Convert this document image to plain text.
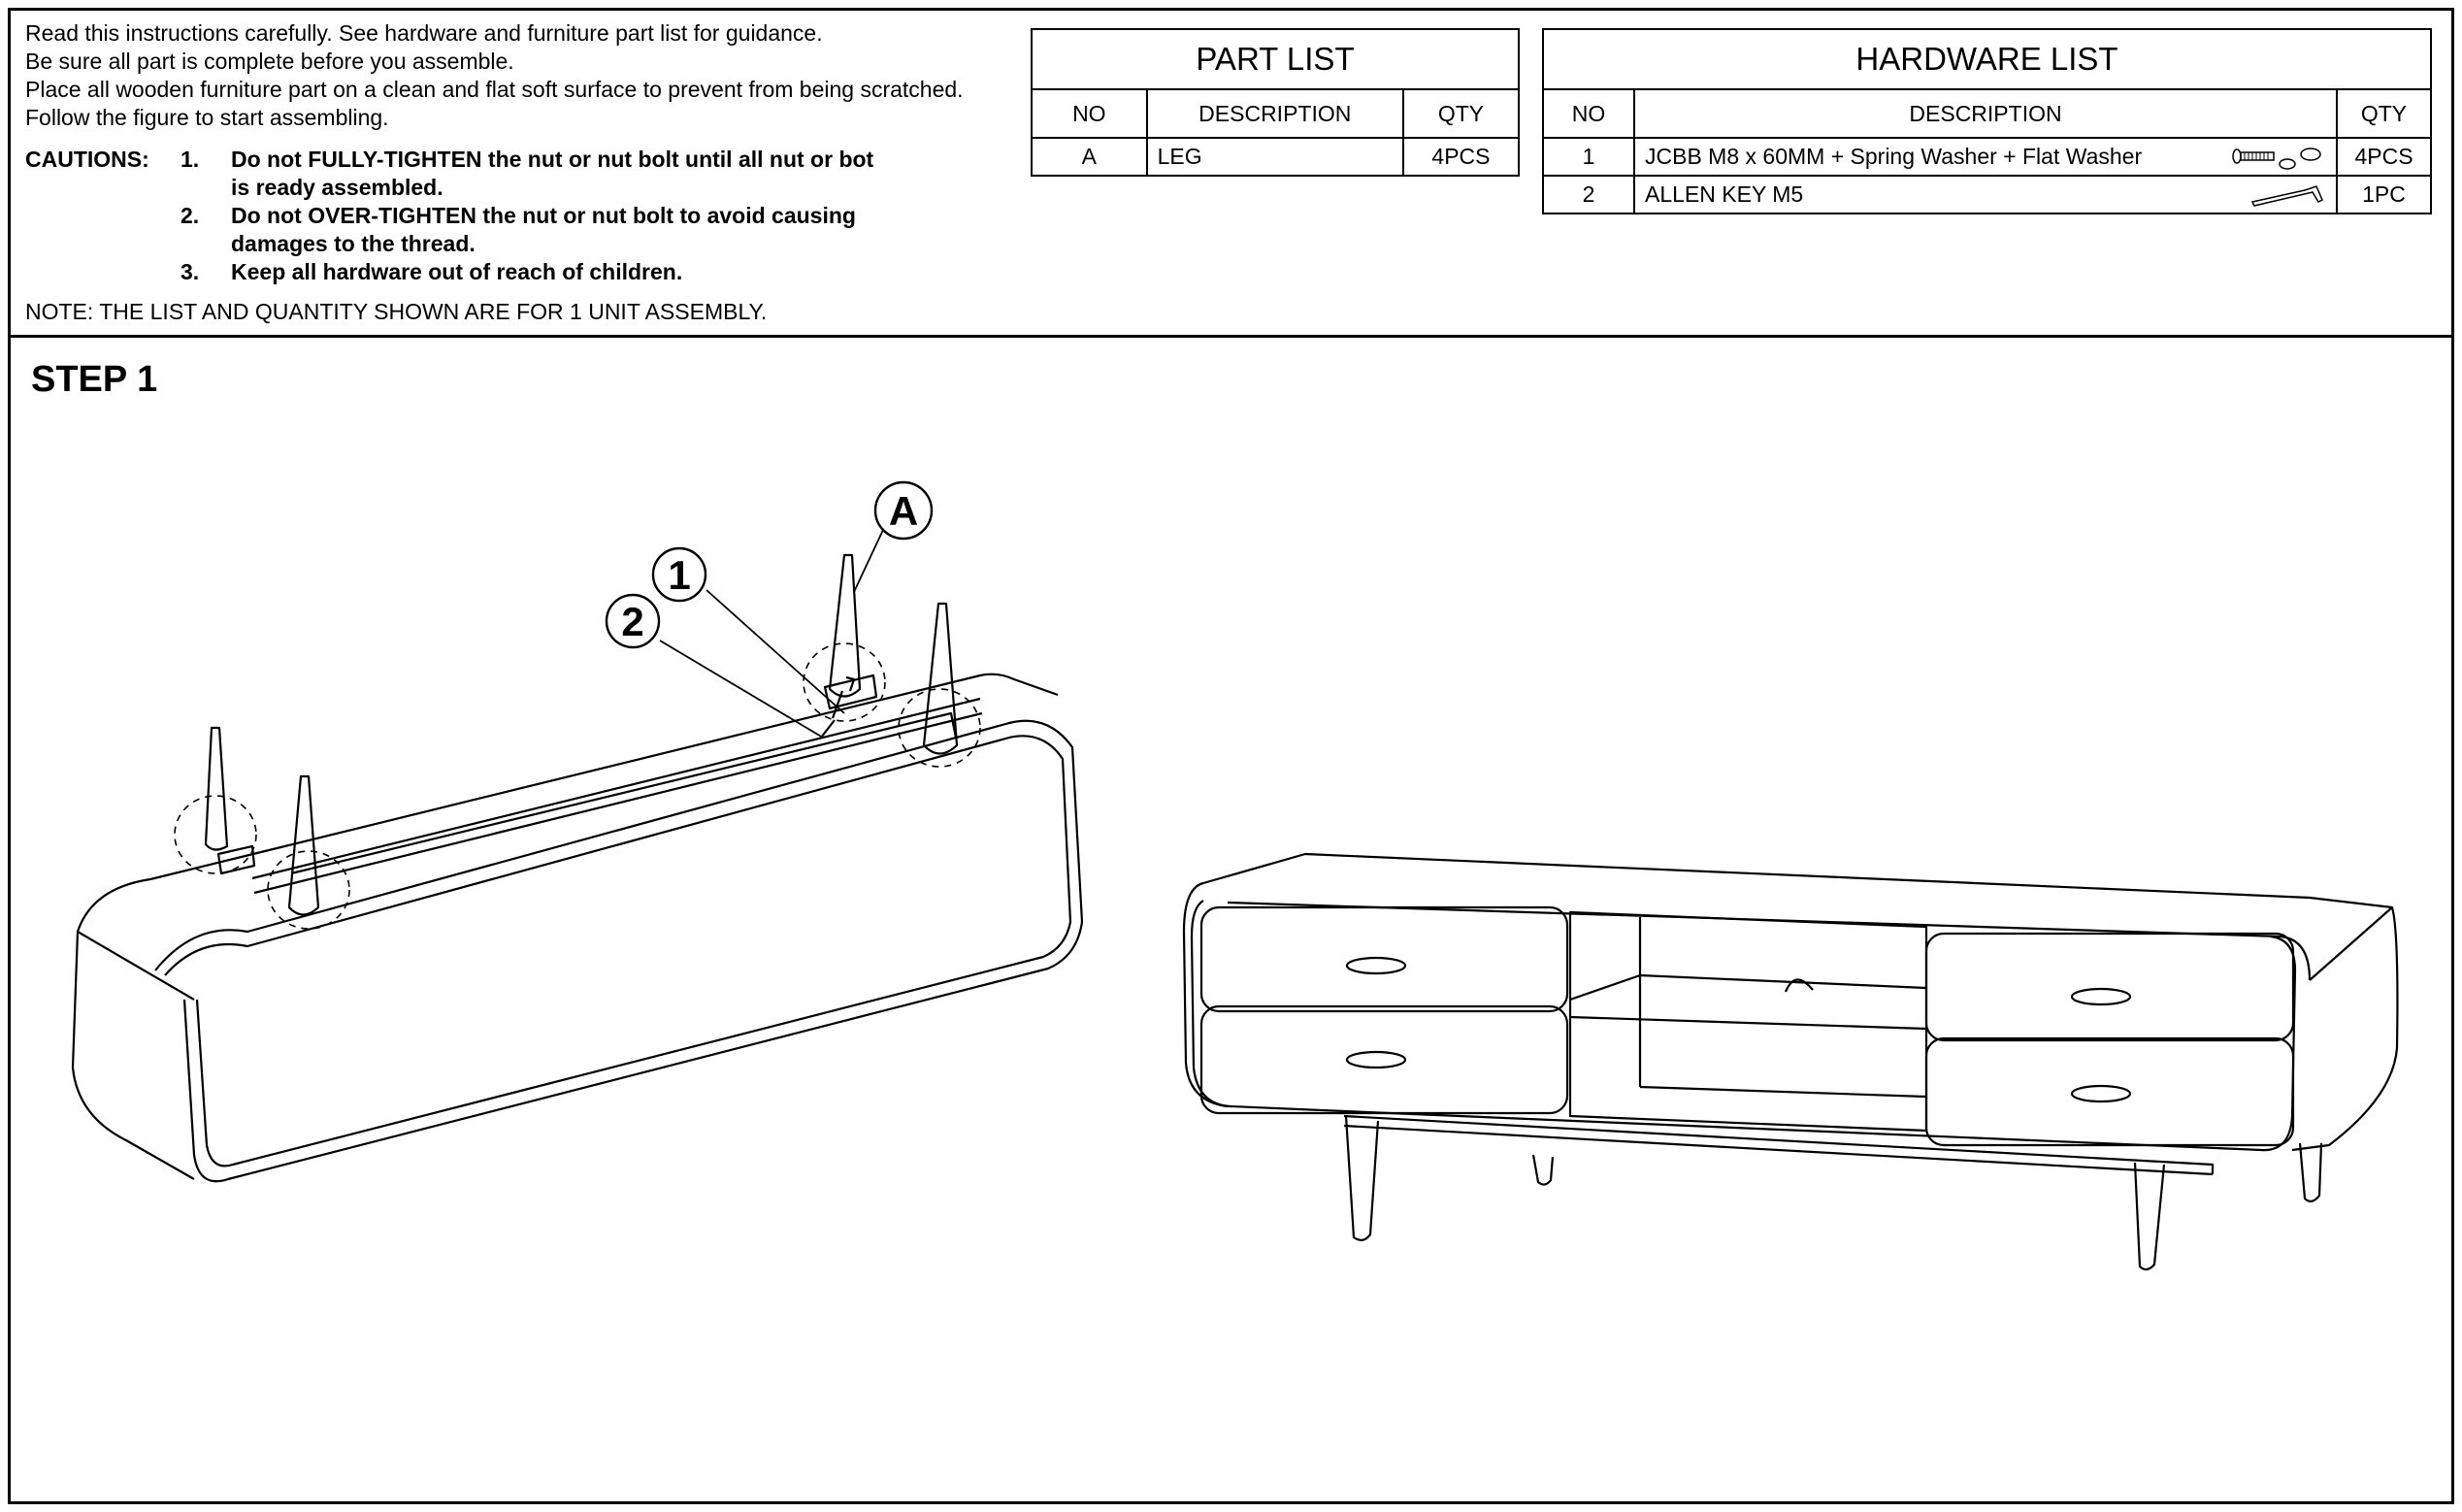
Read this instructions carefully. See hardware and furniture part list for guidance.
Be sure all part is complete before you assemble.
Place all wooden furniture part on a clean and flat soft surface to prevent from being scratched.
Follow the figure to start assembling.
CAUTIONS: 1. Do not FULLY-TIGHTEN the nut or nut bolt until all nut or bot
is ready assembled.
2. Do not OVER-TIGHTEN the nut or nut bolt to avoid causing
damages to the thread.
3. Keep all hardware out of reach of children.
NOTE: THE LIST AND QUANTITY SHOWN ARE FOR 1 UNIT ASSEMBLY.
PART LIST		
NO	DESCRIPTION	QTY
A	LEG	4PCS
HARDWARE LIST		
NO	DESCRIPTION	QTY
1	JCBB M8 x 60MM + Spring Washer + Flat Washer	4PCS
2	ALLEN KEY M5	1PC
STEP 1
A
1
2
